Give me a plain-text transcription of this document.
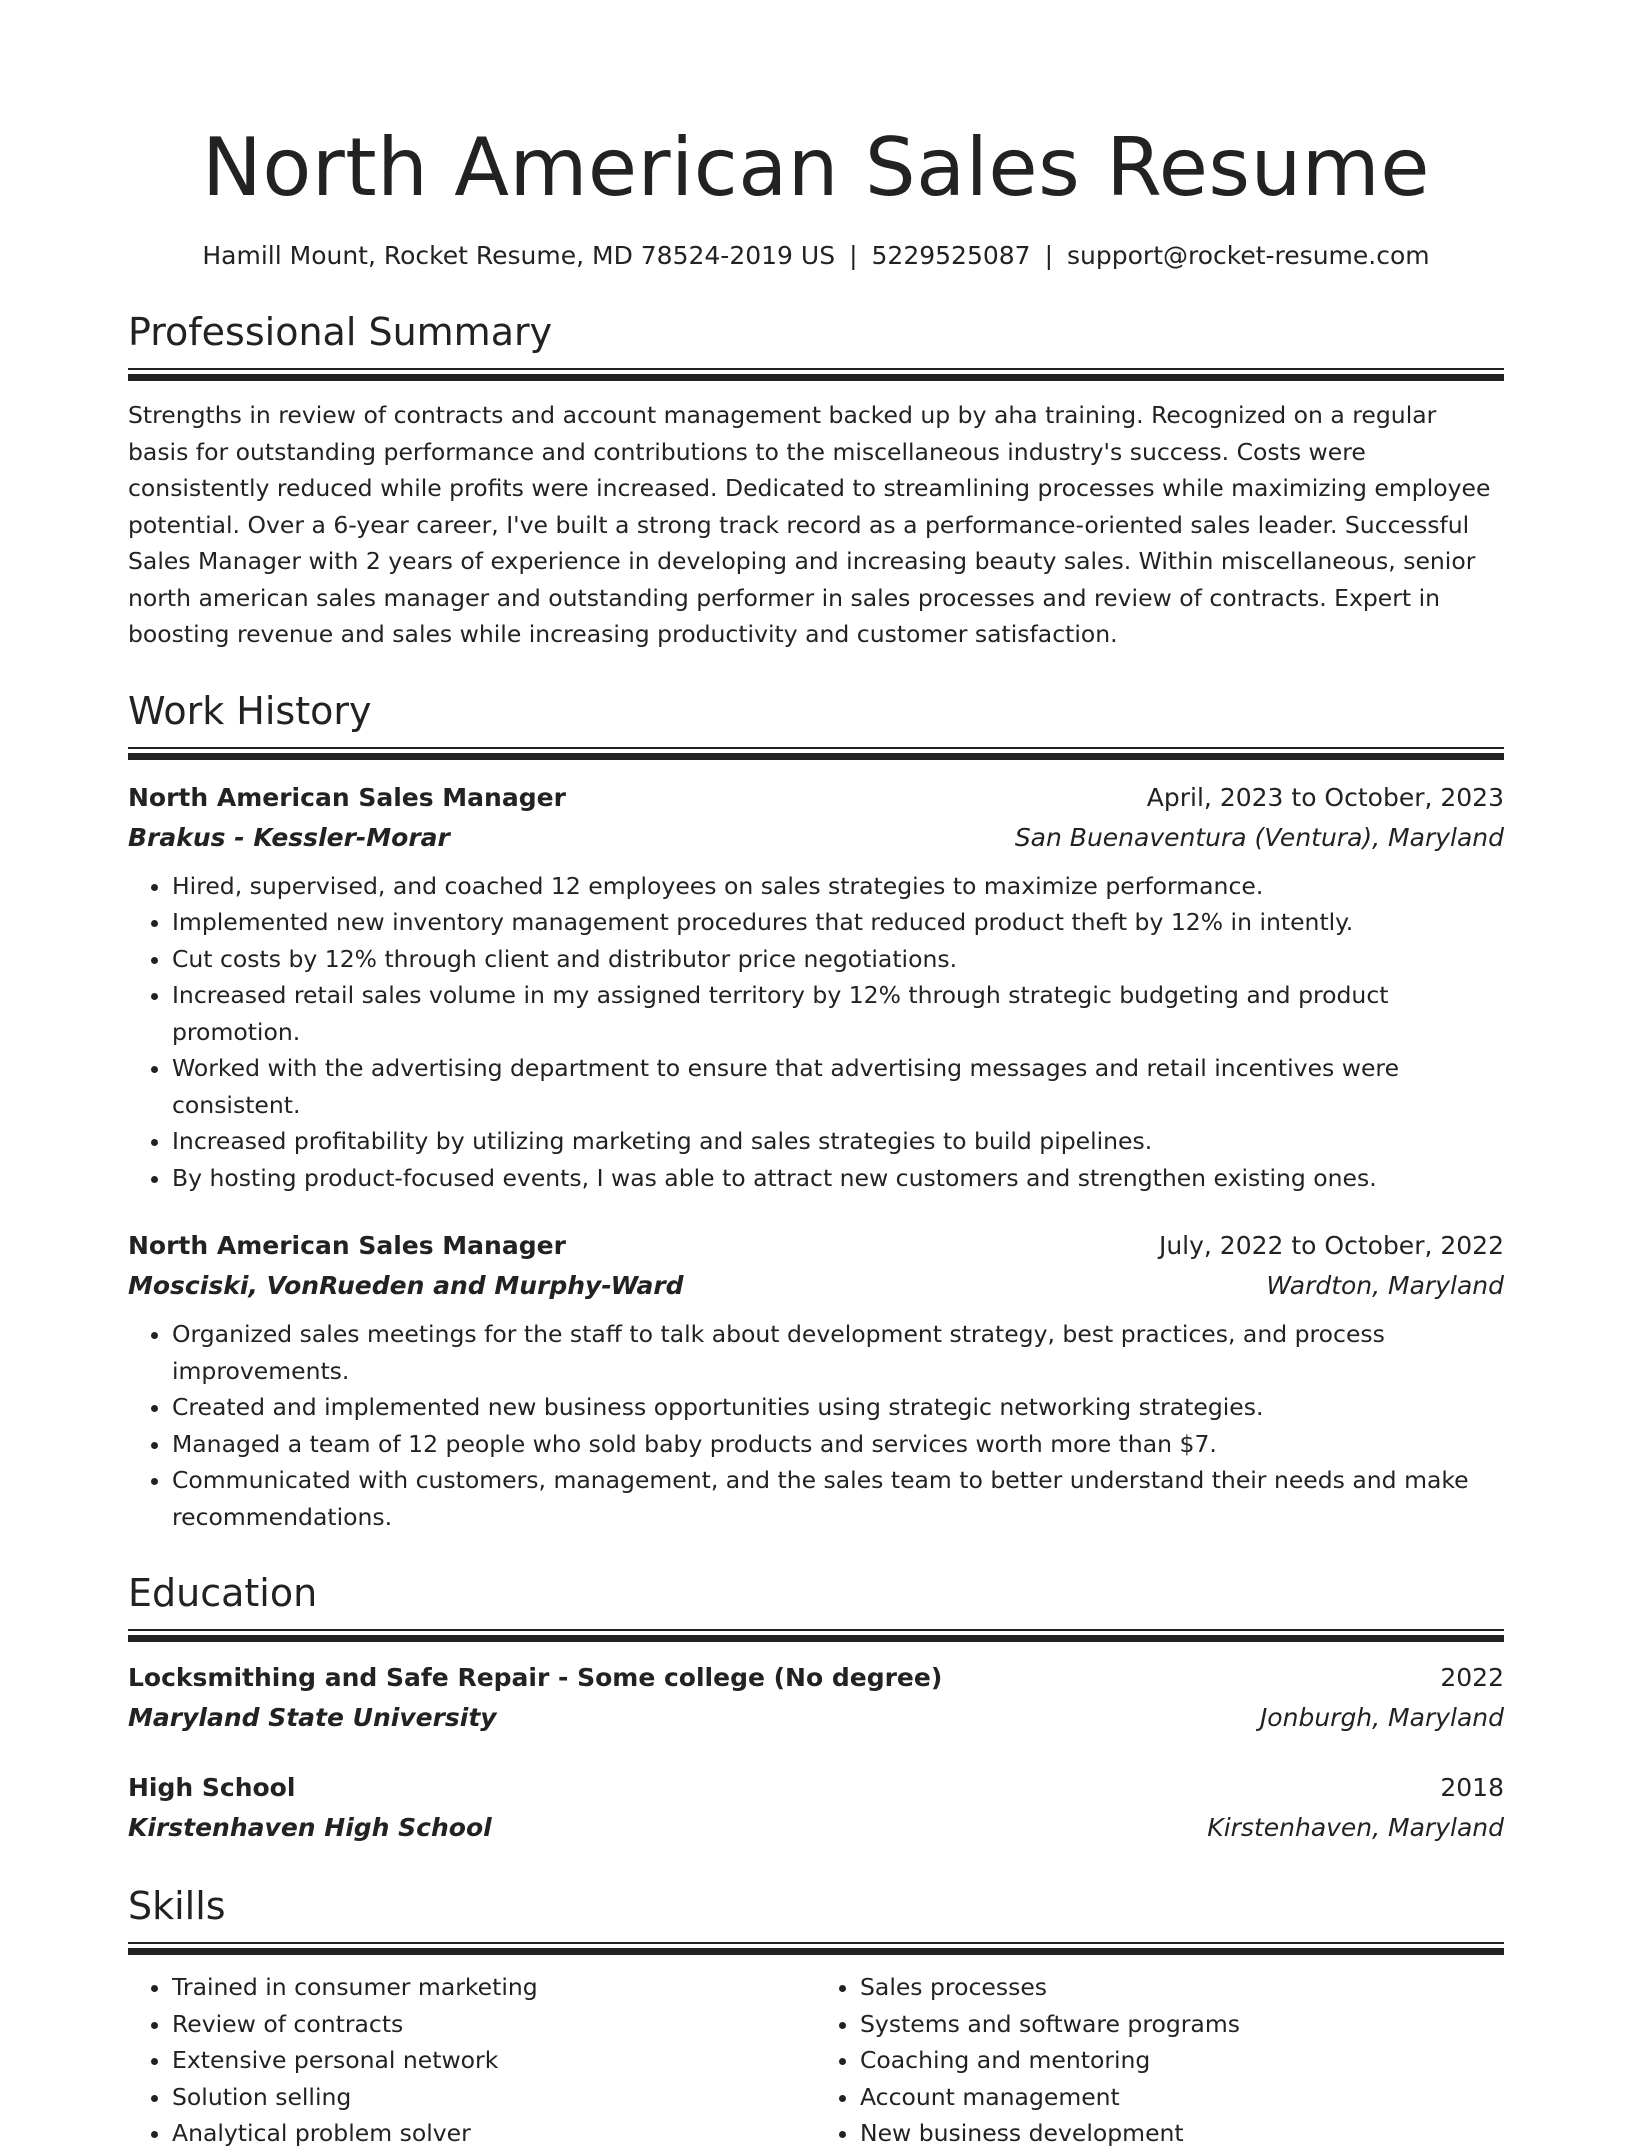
North American Sales Resume
Hamill Mount, Rocket Resume, MD 78524-2019 US | 5229525087 | support@rocket-resume.com
Professional Summary
Strengths in review of contracts and account management backed up by aha training. Recognized on a regular basis for outstanding performance and contributions to the miscellaneous industry's success. Costs were consistently reduced while profits were increased. Dedicated to streamlining processes while maximizing employee potential. Over a 6-year career, I've built a strong track record as a performance-oriented sales leader. Successful Sales Manager with 2 years of experience in developing and increasing beauty sales. Within miscellaneous, senior north american sales manager and outstanding performer in sales processes and review of contracts. Expert in boosting revenue and sales while increasing productivity and customer satisfaction.
Work History
North American Sales Manager	April, 2023 to October, 2023
Brakus - Kessler-Morar	San Buenaventura (Ventura), Maryland
• Hired, supervised, and coached 12 employees on sales strategies to maximize performance.
• Implemented new inventory management procedures that reduced product theft by 12% in intently.
• Cut costs by 12% through client and distributor price negotiations.
• Increased retail sales volume in my assigned territory by 12% through strategic budgeting and product promotion.
• Worked with the advertising department to ensure that advertising messages and retail incentives were consistent.
• Increased profitability by utilizing marketing and sales strategies to build pipelines.
• By hosting product-focused events, I was able to attract new customers and strengthen existing ones.
North American Sales Manager	July, 2022 to October, 2022
Mosciski, VonRueden and Murphy-Ward	Wardton, Maryland
• Organized sales meetings for the staff to talk about development strategy, best practices, and process improvements.
• Created and implemented new business opportunities using strategic networking strategies.
• Managed a team of 12 people who sold baby products and services worth more than $7.
• Communicated with customers, management, and the sales team to better understand their needs and make recommendations.
Education
Locksmithing and Safe Repair - Some college (No degree)	2022
Maryland State University	Jonburgh, Maryland
High School	2018
Kirstenhaven High School	Kirstenhaven, Maryland
Skills
• Trained in consumer marketing
• Review of contracts
• Extensive personal network
• Solution selling
• Analytical problem solver
• Sales processes
• Systems and software programs
• Coaching and mentoring
• Account management
• New business development
